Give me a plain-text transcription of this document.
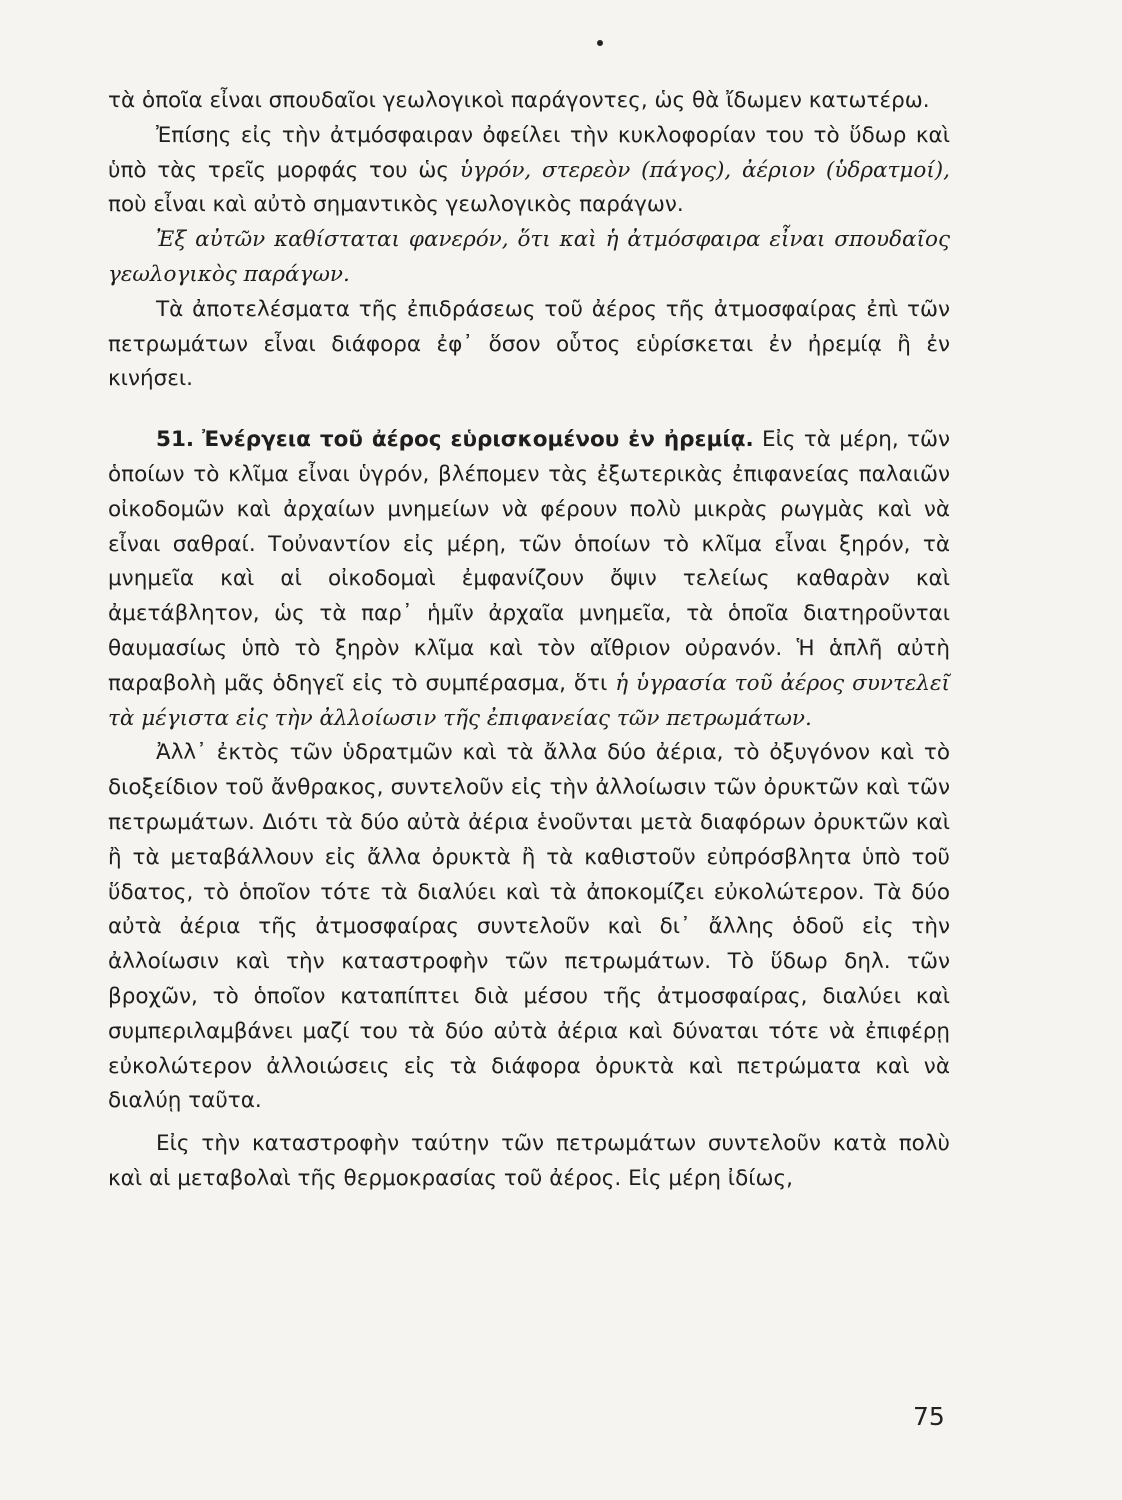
τὰ ὁποῖα εἶναι σπουδαῖοι γεωλογικοὶ παράγοντες, ὡς θὰ ἴδωμεν κατωτέρω.

Ἐπίσης εἰς τὴν ἀτμόσφαιραν ὀφείλει τὴν κυκλοφορίαν του τὸ ὕδωρ καὶ ὑπὸ τὰς τρεῖς μορφάς του ὡς ὑγρόν, στερεὸν (πάγος), ἀέριον (ὑδρατμοί), ποὺ εἶναι καὶ αὐτὸ σημαντικὸς γεωλογικὸς παράγων.

Ἐξ αὐτῶν καθίσταται φανερόν, ὅτι καὶ ἡ ἀτμόσφαιρα εἶναι σπουδαῖος γεωλογικὸς παράγων.

Τὰ ἀποτελέσματα τῆς ἐπιδράσεως τοῦ ἀέρος τῆς ἀτμοσφαίρας ἐπὶ τῶν πετρωμάτων εἶναι διάφορα ἐφ᾽ ὅσον οὗτος εὑρίσκεται ἐν ἠρεμίᾳ ἢ ἐν κινήσει.

51. Ἐνέργεια τοῦ ἀέρος εὑρισκομένου ἐν ἠρεμίᾳ. Εἰς τὰ μέρη, τῶν ὁποίων τὸ κλῖμα εἶναι ὑγρόν, βλέπομεν τὰς ἐξωτερικὰς ἐπιφανείας παλαιῶν οἰκοδομῶν καὶ ἀρχαίων μνημείων νὰ φέρουν πολὺ μικρὰς ρωγμὰς καὶ νὰ εἶναι σαθραί. Τοὐναντίον εἰς μέρη, τῶν ὁποίων τὸ κλῖμα εἶναι ξηρόν, τὰ μνημεῖα καὶ αἱ οἰκοδομαὶ ἐμφανίζουν ὄψιν τελείως καθαρὰν καὶ ἀμετάβλητον, ὡς τὰ παρ᾽ ἡμῖν ἀρχαῖα μνημεῖα, τὰ ὁποῖα διατηροῦνται θαυμασίως ὑπὸ τὸ ξηρὸν κλῖμα καὶ τὸν αἴθριον οὐρανόν. Ἡ ἁπλῆ αὐτὴ παραβολὴ μᾶς ὁδηγεῖ εἰς τὸ συμπέρασμα, ὅτι ἡ ὑγρασία τοῦ ἀέρος συντελεῖ τὰ μέγιστα εἰς τὴν ἀλλοίωσιν τῆς ἐπιφανείας τῶν πετρωμάτων.

Ἀλλ᾽ ἐκτὸς τῶν ὑδρατμῶν καὶ τὰ ἄλλα δύο ἀέρια, τὸ ὀξυγόνον καὶ τὸ διοξείδιον τοῦ ἄνθρακος, συντελοῦν εἰς τὴν ἀλλοίωσιν τῶν ὀρυκτῶν καὶ τῶν πετρωμάτων. Διότι τὰ δύο αὐτὰ ἀέρια ἑνοῦνται μετὰ διαφόρων ὀρυκτῶν καὶ ἢ τὰ μεταβάλλουν εἰς ἄλλα ὀρυκτὰ ἢ τὰ καθιστοῦν εὐπρόσβλητα ὑπὸ τοῦ ὕδατος, τὸ ὁποῖον τότε τὰ διαλύει καὶ τὰ ἀποκομίζει εὐκολώτερον. Τὰ δύο αὐτὰ ἀέρια τῆς ἀτμοσφαίρας συντελοῦν καὶ δι᾽ ἄλλης ὁδοῦ εἰς τὴν ἀλλοίωσιν καὶ τὴν καταστροφὴν τῶν πετρωμάτων. Τὸ ὕδωρ δηλ. τῶν βροχῶν, τὸ ὁποῖον καταπίπτει διὰ μέσου τῆς ἀτμοσφαίρας, διαλύει καὶ συμπεριλαμβάνει μαζί του τὰ δύο αὐτὰ ἀέρια καὶ δύναται τότε νὰ ἐπιφέρῃ εὐκολώτερον ἀλλοιώσεις εἰς τὰ διάφορα ὀρυκτὰ καὶ πετρώματα καὶ νὰ διαλύῃ ταῦτα.

Εἰς τὴν καταστροφὴν ταύτην τῶν πετρωμάτων συντελοῦν κατὰ πολὺ καὶ αἱ μεταβολαὶ τῆς θερμοκρασίας τοῦ ἀέρος. Εἰς μέρη ἰδίως,

75
